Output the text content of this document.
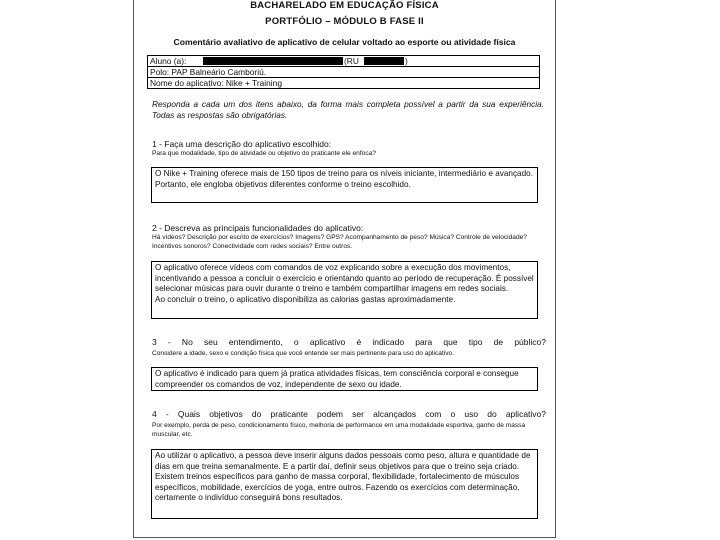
BACHARELADO EM EDUCAÇÃO FÍSICA
PORTFÓLIO – MÓDULO B FASE II
Comentário avaliativo de aplicativo de celular voltado ao esporte ou atividade física
Aluno (a):	(RU	)
Polo: PAP Balneário Camboriú.
Nome do aplicativo: Nike + Training
Responda a cada um dos itens abaixo, da forma mais completa possível a partir da sua experiência. Todas as respostas são obrigatórias.
1 - Faça uma descrição do aplicativo escolhido:
Para que modalidade, tipo de atividade ou objetivo do praticante ele enfoca?
O Nike + Training oferece mais de 150 tipos de treino para os níveis iniciante, intermediário e avançado. Portanto, ele engloba objetivos diferentes conforme o treino escolhido.
2 - Descreva as principais funcionalidades do aplicativo:
Há vídeos? Descrição por escrito de exercícios? Imagens? GPS? Acompanhamento de peso? Música? Controle de velocidade? Incentivos sonoros? Conectividade com redes sociais? Entre outros.
O aplicativo oferece vídeos com comandos de voz explicando sobre a execução dos movimentos, incentivando a pessoa a concluir o exercício e orientando quanto ao período de recuperação. É possível selecionar músicas para ouvir durante o treino e também compartilhar imagens em redes sociais.
Ao concluir o treino, o aplicativo disponibiliza as calorias gastas aproximadamente.
3 - No seu entendimento, o aplicativo é indicado para que tipo de público?
Considere a idade, sexo e condição física que você entende ser mais pertinente para uso do aplicativo.
O aplicativo é indicado para quem já pratica atividades físicas, tem consciência corporal e consegue compreender os comandos de voz, independente de sexo ou idade.
4 - Quais objetivos do praticante podem ser alcançados com o uso do aplicativo?
Por exemplo, perda de peso, condicionamento físico, melhoria de performance em uma modalidade esportiva, ganho de massa muscular, etc.
Ao utilizar o aplicativo, a pessoa deve inserir alguns dados pessoais como peso, altura e quantidade de dias em que treina semanalmente. E a partir daí, definir seus objetivos para que o treino seja criado. Existem treinos específicos para ganho de massa corporal, flexibilidade, fortalecimento de músculos específicos, mobilidade, exercícios de yoga, entre outros. Fazendo os exercícios com determinação, certamente o indivíduo conseguirá bons resultados.
